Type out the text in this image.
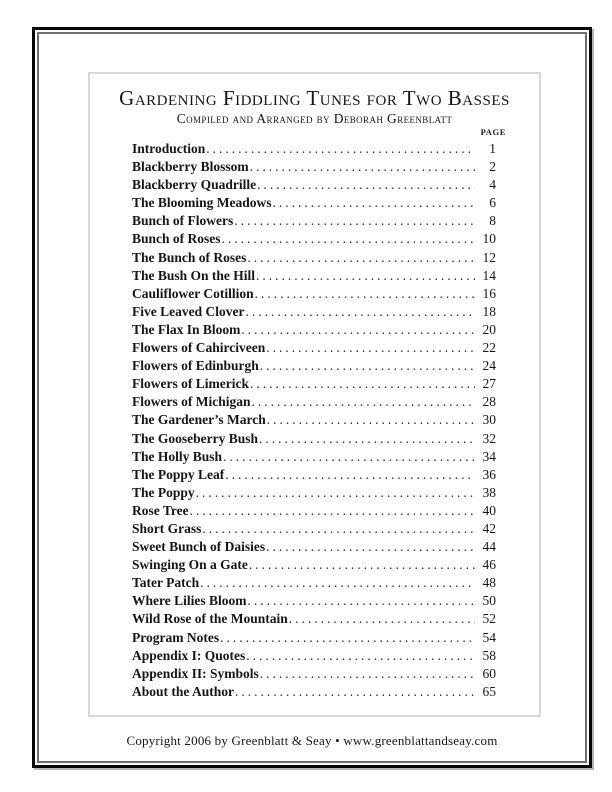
Gardening Fiddling Tunes for Two Basses
Compiled and Arranged by Deborah Greenblatt
PAGE
Introduction .....	1
Blackberry Blossom .....	2
Blackberry Quadrille .....	4
The Blooming Meadows .....	6
Bunch of Flowers .....	8
Bunch of Roses .....	10
The Bunch of Roses .....	12
The Bush On the Hill .....	14
Cauliflower Cotillion .....	16
Five Leaved Clover .....	18
The Flax In Bloom .....	20
Flowers of Cahirciveen .....	22
Flowers of Edinburgh .....	24
Flowers of Limerick .....	27
Flowers of Michigan .....	28
The Gardener’s March .....	30
The Gooseberry Bush .....	32
The Holly Bush .....	34
The Poppy Leaf .....	36
The Poppy .....	38
Rose Tree .....	40
Short Grass .....	42
Sweet Bunch of Daisies .....	44
Swinging On a Gate .....	46
Tater Patch .....	48
Where Lilies Bloom .....	50
Wild Rose of the Mountain .....	52
Program Notes .....	54
Appendix I: Quotes .....	58
Appendix II: Symbols .....	60
About the Author .....	65
Copyright 2006 by Greenblatt & Seay • www.greenblattandseay.com
